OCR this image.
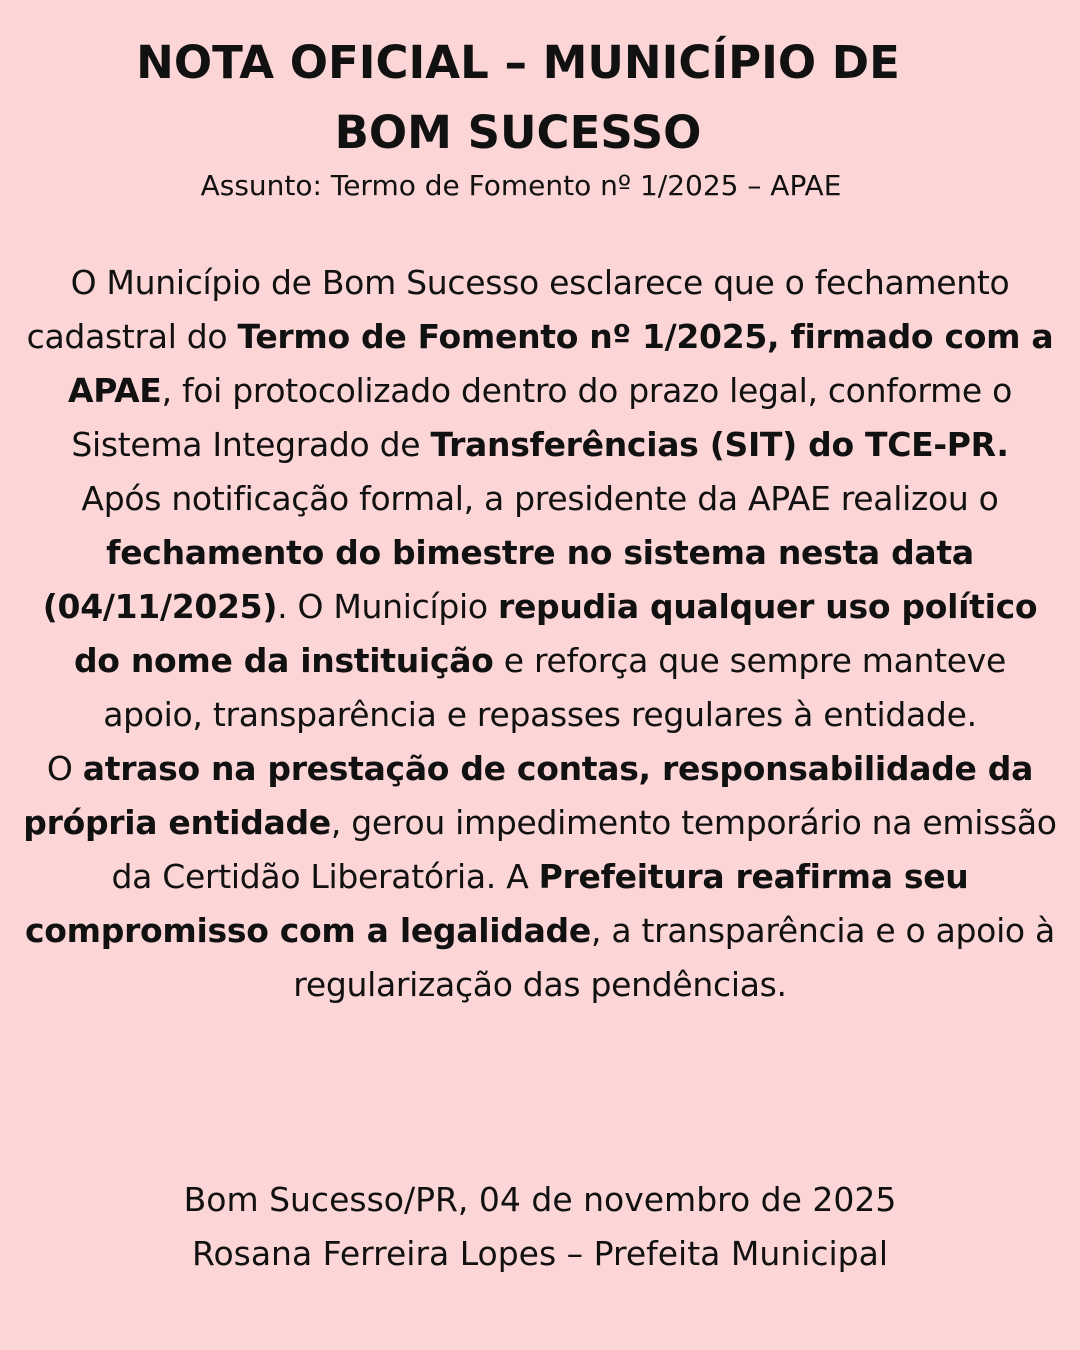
NOTA OFICIAL – MUNICÍPIO DE
BOM SUCESSO
Assunto: Termo de Fomento nº 1/2025 – APAE

O Município de Bom Sucesso esclarece que o fechamento cadastral do Termo de Fomento nº 1/2025, firmado com a APAE, foi protocolizado dentro do prazo legal, conforme o Sistema Integrado de Transferências (SIT) do TCE-PR.

Após notificação formal, a presidente da APAE realizou o fechamento do bimestre no sistema nesta data (04/11/2025). O Município repudia qualquer uso político do nome da instituição e reforça que sempre manteve apoio, transparência e repasses regulares à entidade.

O atraso na prestação de contas, responsabilidade da própria entidade, gerou impedimento temporário na emissão da Certidão Liberatória. A Prefeitura reafirma seu compromisso com a legalidade, a transparência e o apoio à regularização das pendências.

Bom Sucesso/PR, 04 de novembro de 2025
Rosana Ferreira Lopes – Prefeita Municipal
